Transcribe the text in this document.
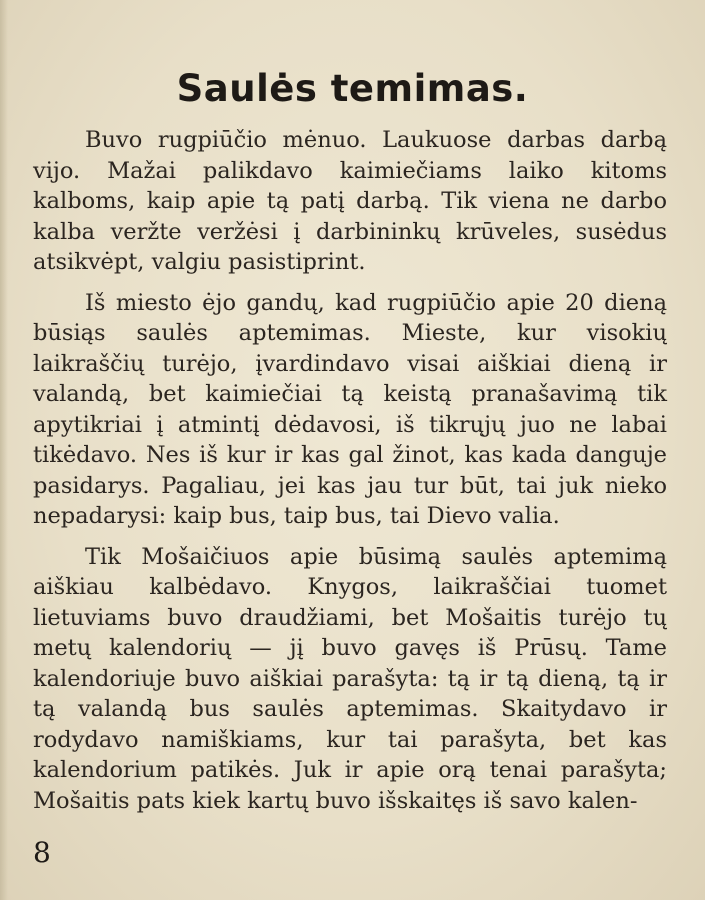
Saulės temimas.

Buvo rugpiūčio mėnuo. Laukuose darbas darbą vijo. Mažai palikdavo kaimiečiams laiko kitoms kalboms, kaip apie tą patį darbą. Tik viena ne darbo kalba veržte veržėsi į darbininkų krūveles, susėdus atsikvėpt, valgiu pasistiprint.

Iš miesto ėjo gandų, kad rugpiūčio apie 20 dieną būsiąs saulės aptemimas. Mieste, kur visokių laikraščių turėjo, įvardindavo visai aiškiai dieną ir valandą, bet kaimiečiai tą keistą pranašavimą tik apytikriai į atmintį dėdavosi, iš tikrųjų juo ne labai tikėdavo. Nes iš kur ir kas gal žinot, kas kada danguje pasidarys. Pagaliau, jei kas jau tur būt, tai juk nieko nepadarysi: kaip bus, taip bus, tai Dievo valia.

Tik Mošaičiuos apie būsimą saulės aptemimą aiškiau kalbėdavo. Knygos, laikraščiai tuomet lietuviams buvo draudžiami, bet Mošaitis turėjo tų metų kalendorių — jį buvo gavęs iš Prūsų. Tame kalendoriuje buvo aiškiai parašyta: tą ir tą dieną, tą ir tą valandą bus saulės aptemimas. Skaitydavo ir rodydavo namiškiams, kur tai parašyta, bet kas kalendorium patikės. Juk ir apie orą tenai parašyta; Mošaitis pats kiek kartų buvo išskaitęs iš savo kalen-

8
